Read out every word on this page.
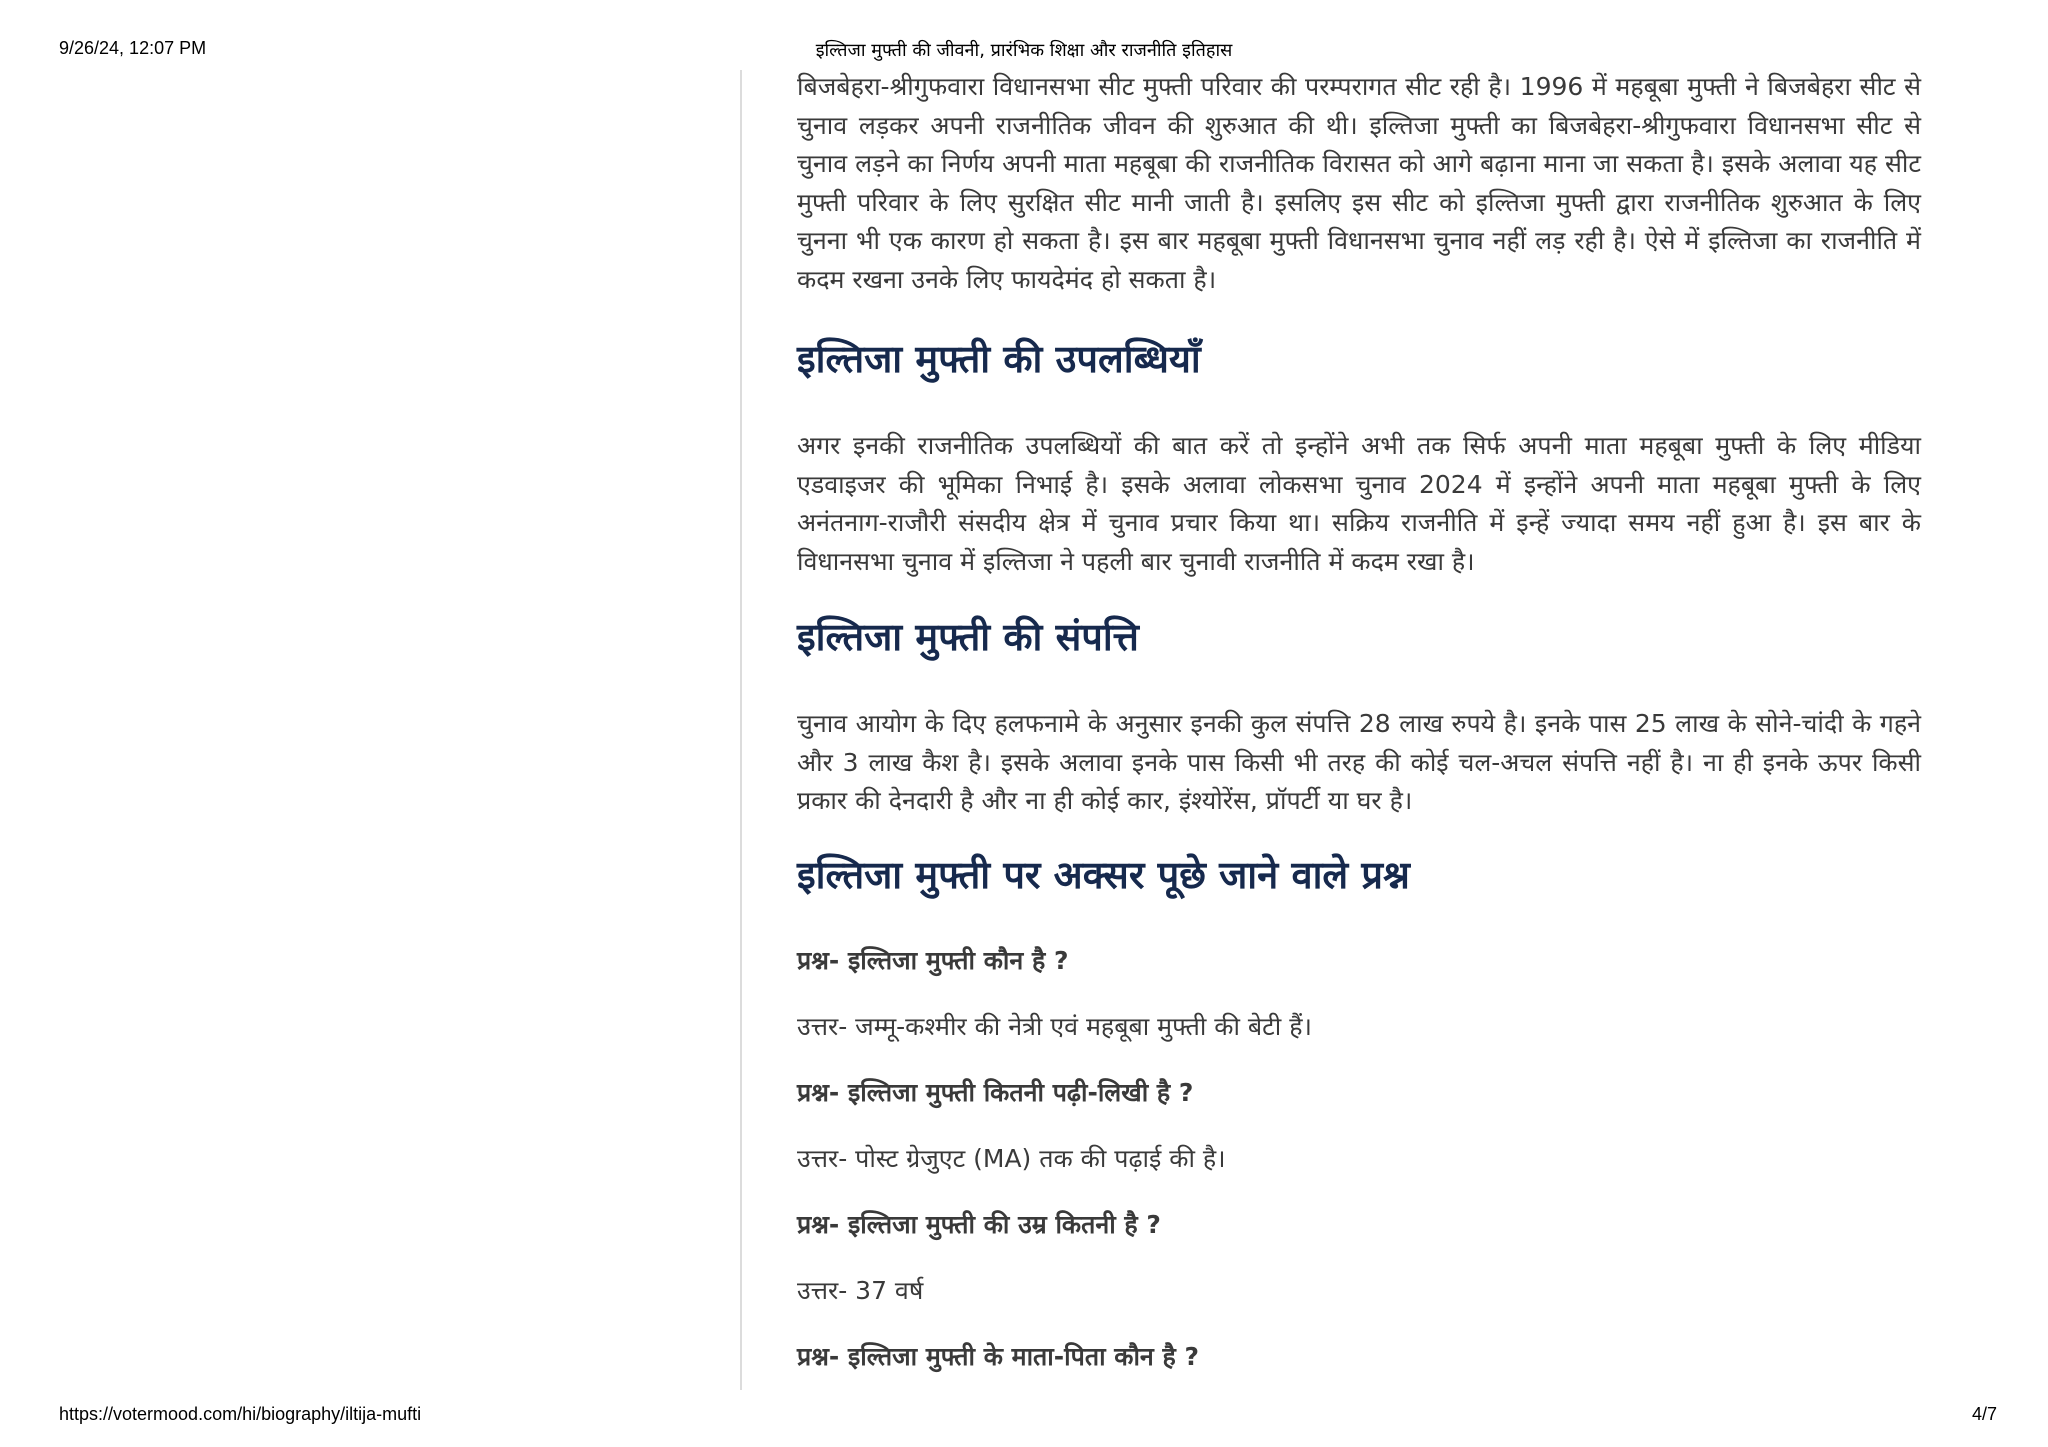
9/26/24, 12:07 PM	इल्तिजा मुफ्ती की जीवनी, प्रारंभिक शिक्षा और राजनीति इतिहास

बिजबेहरा-श्रीगुफवारा विधानसभा सीट मुफ्ती परिवार की परम्परागत सीट रही है। 1996 में महबूबा मुफ्ती ने बिजबेहरा सीट से चुनाव लड़कर अपनी राजनीतिक जीवन की शुरुआत की थी। इल्तिजा मुफ्ती का बिजबेहरा-श्रीगुफवारा विधानसभा सीट से चुनाव लड़ने का निर्णय अपनी माता महबूबा की राजनीतिक विरासत को आगे बढ़ाना माना जा सकता है। इसके अलावा यह सीट मुफ्ती परिवार के लिए सुरक्षित सीट मानी जाती है। इसलिए इस सीट को इल्तिजा मुफ्ती द्वारा राजनीतिक शुरुआत के लिए चुनना भी एक कारण हो सकता है। इस बार महबूबा मुफ्ती विधानसभा चुनाव नहीं लड़ रही है। ऐसे में इल्तिजा का राजनीति में कदम रखना उनके लिए फायदेमंद हो सकता है।

इल्तिजा मुफ्ती की उपलब्धियाँ

अगर इनकी राजनीतिक उपलब्धियों की बात करें तो इन्होंने अभी तक सिर्फ अपनी माता महबूबा मुफ्ती के लिए मीडिया एडवाइजर की भूमिका निभाई है। इसके अलावा लोकसभा चुनाव 2024 में इन्होंने अपनी माता महबूबा मुफ्ती के लिए अनंतनाग-राजौरी संसदीय क्षेत्र में चुनाव प्रचार किया था। सक्रिय राजनीति में इन्हें ज्यादा समय नहीं हुआ है। इस बार के विधानसभा चुनाव में इल्तिजा ने पहली बार चुनावी राजनीति में कदम रखा है।

इल्तिजा मुफ्ती की संपत्ति

चुनाव आयोग के दिए हलफनामे के अनुसार इनकी कुल संपत्ति 28 लाख रुपये है। इनके पास 25 लाख के सोने-चांदी के गहने और 3 लाख कैश है। इसके अलावा इनके पास किसी भी तरह की कोई चल-अचल संपत्ति नहीं है। ना ही इनके ऊपर किसी प्रकार की देनदारी है और ना ही कोई कार, इंश्योरेंस, प्रॉपर्टी या घर है।

इल्तिजा मुफ्ती पर अक्सर पूछे जाने वाले प्रश्न

प्रश्न- इल्तिजा मुफ्ती कौन है ?

उत्तर- जम्मू-कश्मीर की नेत्री एवं महबूबा मुफ्ती की बेटी हैं।

प्रश्न- इल्तिजा मुफ्ती कितनी पढ़ी-लिखी है ?

उत्तर- पोस्ट ग्रेजुएट (MA) तक की पढ़ाई की है।

प्रश्न- इल्तिजा मुफ्ती की उम्र कितनी है ?

उत्तर- 37 वर्ष

प्रश्न- इल्तिजा मुफ्ती के माता-पिता कौन है ?

https://votermood.com/hi/biography/iltija-mufti	4/7
